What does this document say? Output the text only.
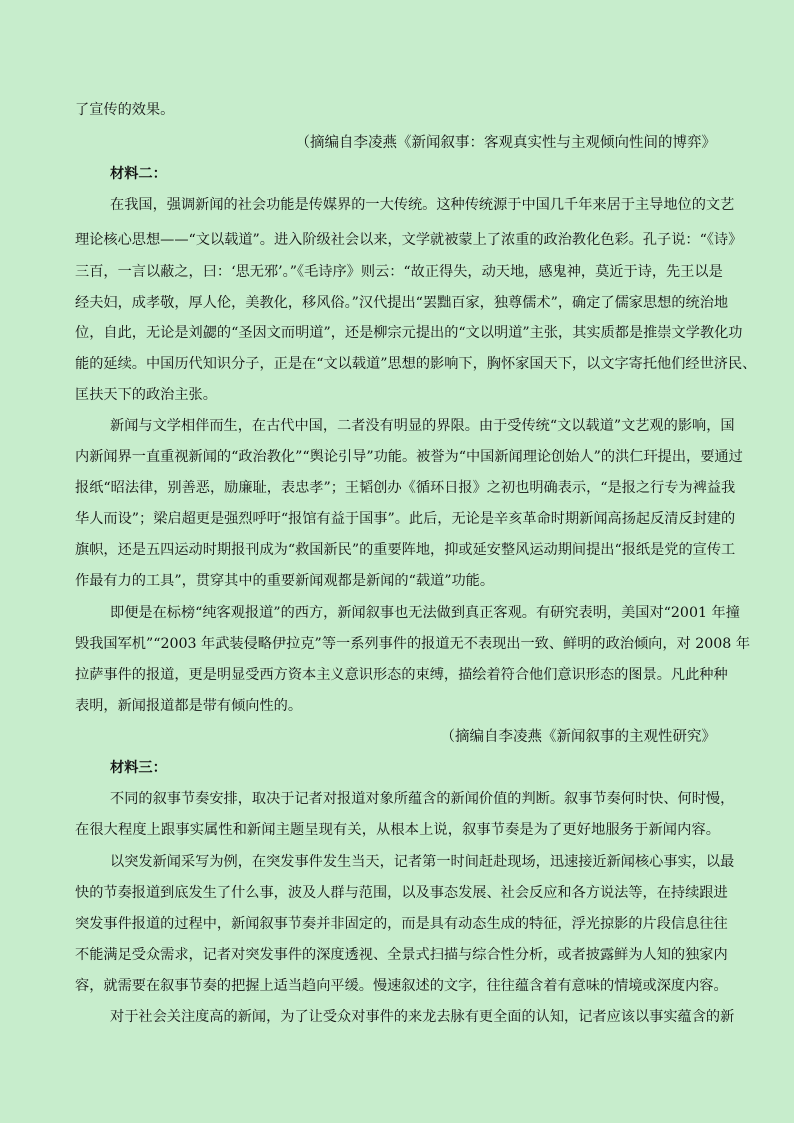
了宣传的效果。
（摘编自李凌燕《新闻叙事：客观真实性与主观倾向性间的博弈》
材料二：
在我国，强调新闻的社会功能是传媒界的一大传统。这种传统源于中国几千年来居于主导地位的文艺
理论核心思想——“文以载道”。进入阶级社会以来，文学就被蒙上了浓重的政治教化色彩。孔子说：“《诗》
三百，一言以蔽之，曰：‘思无邪’。”《毛诗序》则云：“故正得失，动天地，感鬼神，莫近于诗，先王以是
经夫妇，成孝敬，厚人伦，美教化，移风俗。”汉代提出“罢黜百家，独尊儒术”，确定了儒家思想的统治地
位，自此，无论是刘勰的“圣因文而明道”，还是柳宗元提出的“文以明道”主张，其实质都是推崇文学教化功
能的延续。中国历代知识分子，正是在“文以载道”思想的影响下，胸怀家国天下，以文字寄托他们经世济民、
匡扶天下的政治主张。
新闻与文学相伴而生，在古代中国，二者没有明显的界限。由于受传统“文以载道”文艺观的影响，国
内新闻界一直重视新闻的“政治教化”“舆论引导”功能。被誉为“中国新闻理论创始人”的洪仁玕提出，要通过
报纸“昭法律，别善恶，励廉耻，表忠孝”；王韬创办《循环日报》之初也明确表示，“是报之行专为裨益我
华人而设”；梁启超更是强烈呼吁“报馆有益于国事”。此后，无论是辛亥革命时期新闻高扬起反清反封建的
旗帜，还是五四运动时期报刊成为“救国新民”的重要阵地，抑或延安整风运动期间提出“报纸是党的宣传工
作最有力的工具”，贯穿其中的重要新闻观都是新闻的“载道”功能。
即便是在标榜“纯客观报道”的西方，新闻叙事也无法做到真正客观。有研究表明，美国对“2001 年撞
毁我国军机”“2003 年武装侵略伊拉克”等一系列事件的报道无不表现出一致、鲜明的政治倾向，对 2008 年
拉萨事件的报道，更是明显受西方资本主义意识形态的束缚，描绘着符合他们意识形态的图景。凡此种种
表明，新闻报道都是带有倾向性的。
（摘编自李凌燕《新闻叙事的主观性研究》
材料三：
不同的叙事节奏安排，取决于记者对报道对象所蕴含的新闻价值的判断。叙事节奏何时快、何时慢，
在很大程度上跟事实属性和新闻主题呈现有关，从根本上说，叙事节奏是为了更好地服务于新闻内容。
以突发新闻采写为例，在突发事件发生当天，记者第一时间赶赴现场，迅速接近新闻核心事实，以最
快的节奏报道到底发生了什么事，波及人群与范围，以及事态发展、社会反应和各方说法等，在持续跟进
突发事件报道的过程中，新闻叙事节奏并非固定的，而是具有动态生成的特征，浮光掠影的片段信息往往
不能满足受众需求，记者对突发事件的深度透视、全景式扫描与综合性分析，或者披露鲜为人知的独家内
容，就需要在叙事节奏的把握上适当趋向平缓。慢速叙述的文字，往往蕴含着有意味的情境或深度内容。
对于社会关注度高的新闻，为了让受众对事件的来龙去脉有更全面的认知，记者应该以事实蕴含的新
